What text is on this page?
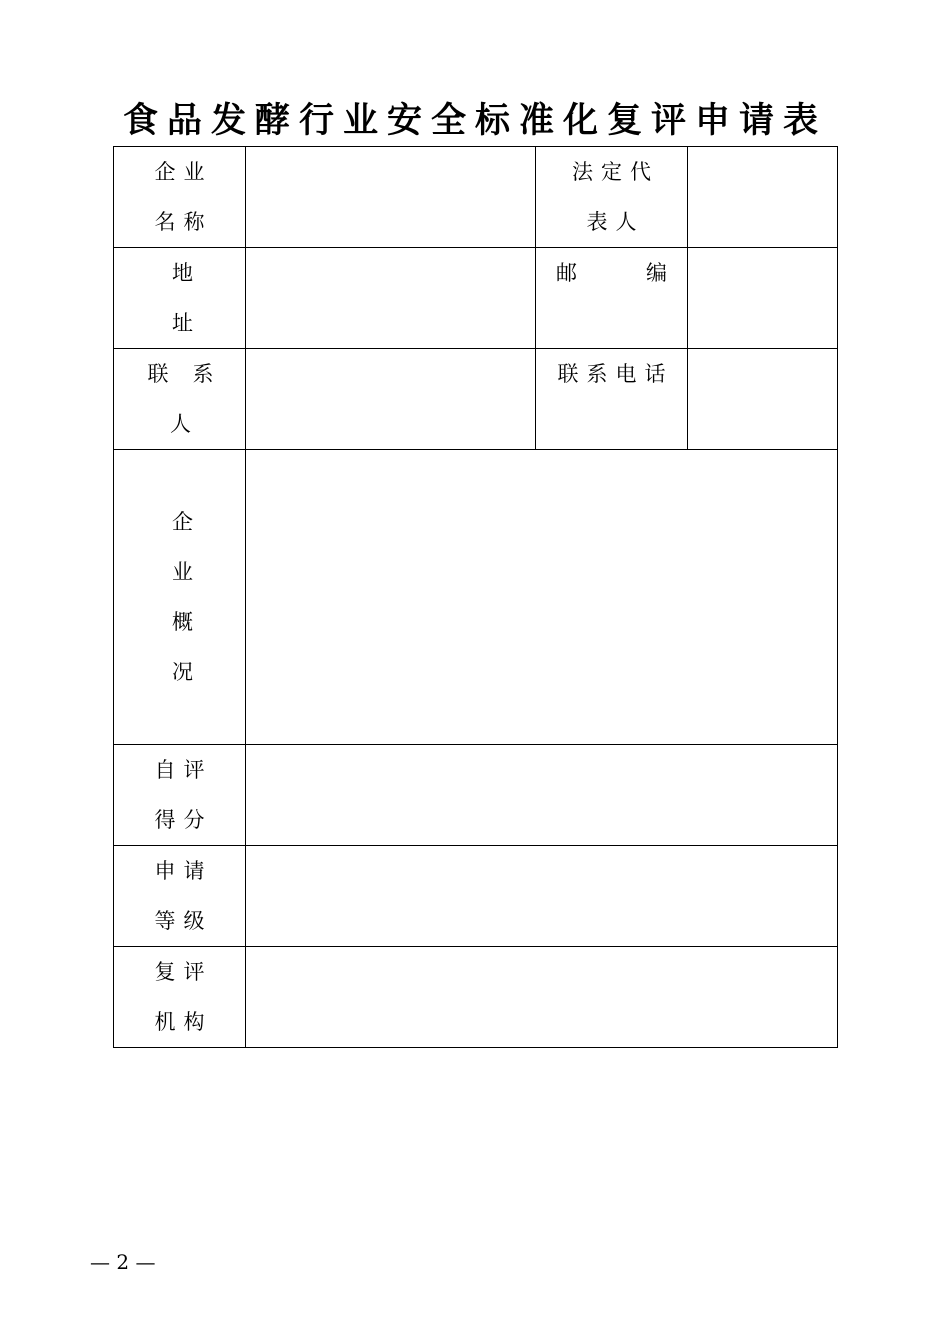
食品发酵行业安全标准化复评申请表
企业名称		法定代表人	

地址		邮编	

联系人		联系电话	

企业概况			

自评得分			

申请等级			

复评机构			

— 2 —
